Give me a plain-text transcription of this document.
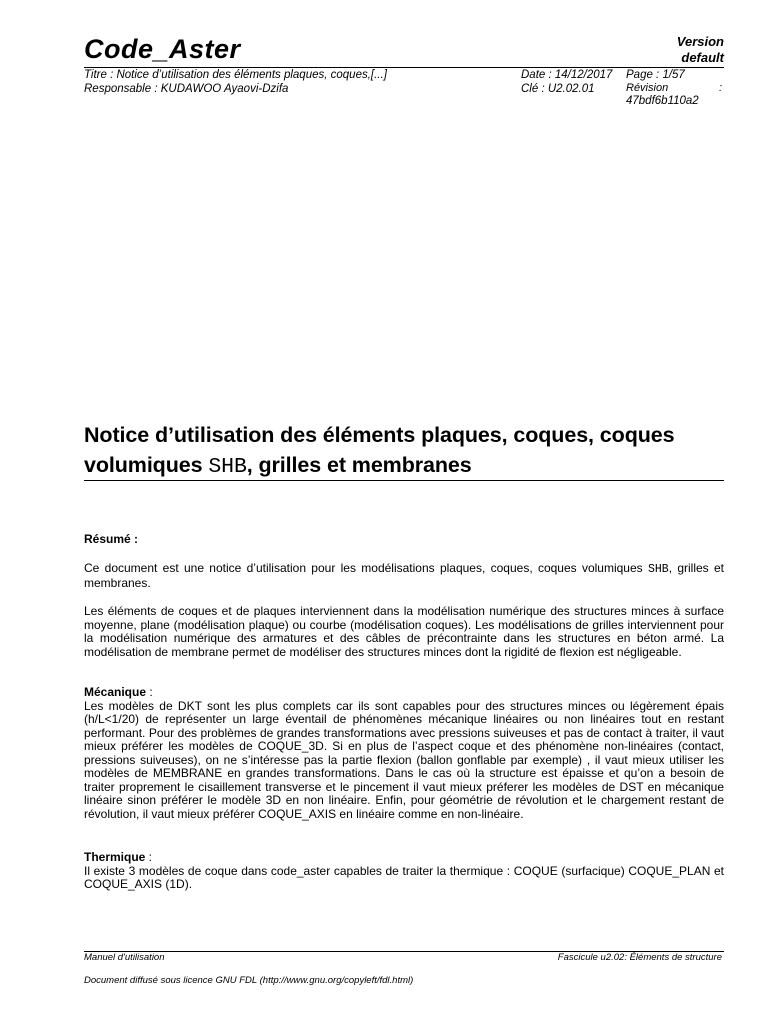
Code_Aster	Version
default
Titre : Notice d’utilisation des éléments plaques, coques,[...]
Responsable : KUDAWOO Ayaovi-Dzifa
Date : 14/12/2017
Clé : U2.02.01
Page : 1/57
Révision	:
47bdf6b110a2
Notice d’utilisation des éléments plaques, coques, coques volumiques SHB, grilles et membranes
Résumé :
Ce document est une notice d’utilisation pour les modélisations plaques, coques, coques volumiques SHB, grilles et membranes.
Les éléments de coques et de plaques interviennent dans la modélisation numérique des structures minces à surface moyenne, plane (modélisation plaque) ou courbe (modélisation coques). Les modélisations de grilles interviennent pour la modélisation numérique des armatures et des câbles de précontrainte dans les structures en béton armé. La modélisation de membrane permet de modéliser des structures minces dont la rigidité de flexion est négligeable.
Mécanique :
Les modèles de DKT sont les plus complets car ils sont capables pour des structures minces ou légèrement épais (h/L<1/20) de représenter un large éventail de phénomènes mécanique linéaires ou non linéaires tout en restant performant. Pour des problèmes de grandes transformations avec pressions suiveuses et pas de contact à traiter, il vaut mieux préférer les modèles de COQUE_3D. Si en plus de l’aspect coque et des phénomène non-linéaires (contact, pressions suiveuses), on ne s’intéresse pas la partie flexion (ballon gonflable par exemple) , il vaut mieux utiliser les modèles de MEMBRANE en grandes transformations. Dans le cas où la structure est épaisse et qu’on a besoin de traiter proprement le cisaillement transverse et le pincement il vaut mieux préferer les modèles de DST en mécanique linéaire sinon préférer le modèle 3D en non linéaire. Enfin, pour géométrie de révolution et le chargement restant de révolution, il vaut mieux préférer COQUE_AXIS en linéaire comme en non-linéaire.
Thermique :
Il existe 3 modèles de coque dans code_aster capables de traiter la thermique : COQUE (surfacique) COQUE_PLAN et COQUE_AXIS (1D).
Manuel d'utilisation	Fascicule u2.02: Éléments de structure
Document diffusé sous licence GNU FDL (http://www.gnu.org/copyleft/fdl.html)
